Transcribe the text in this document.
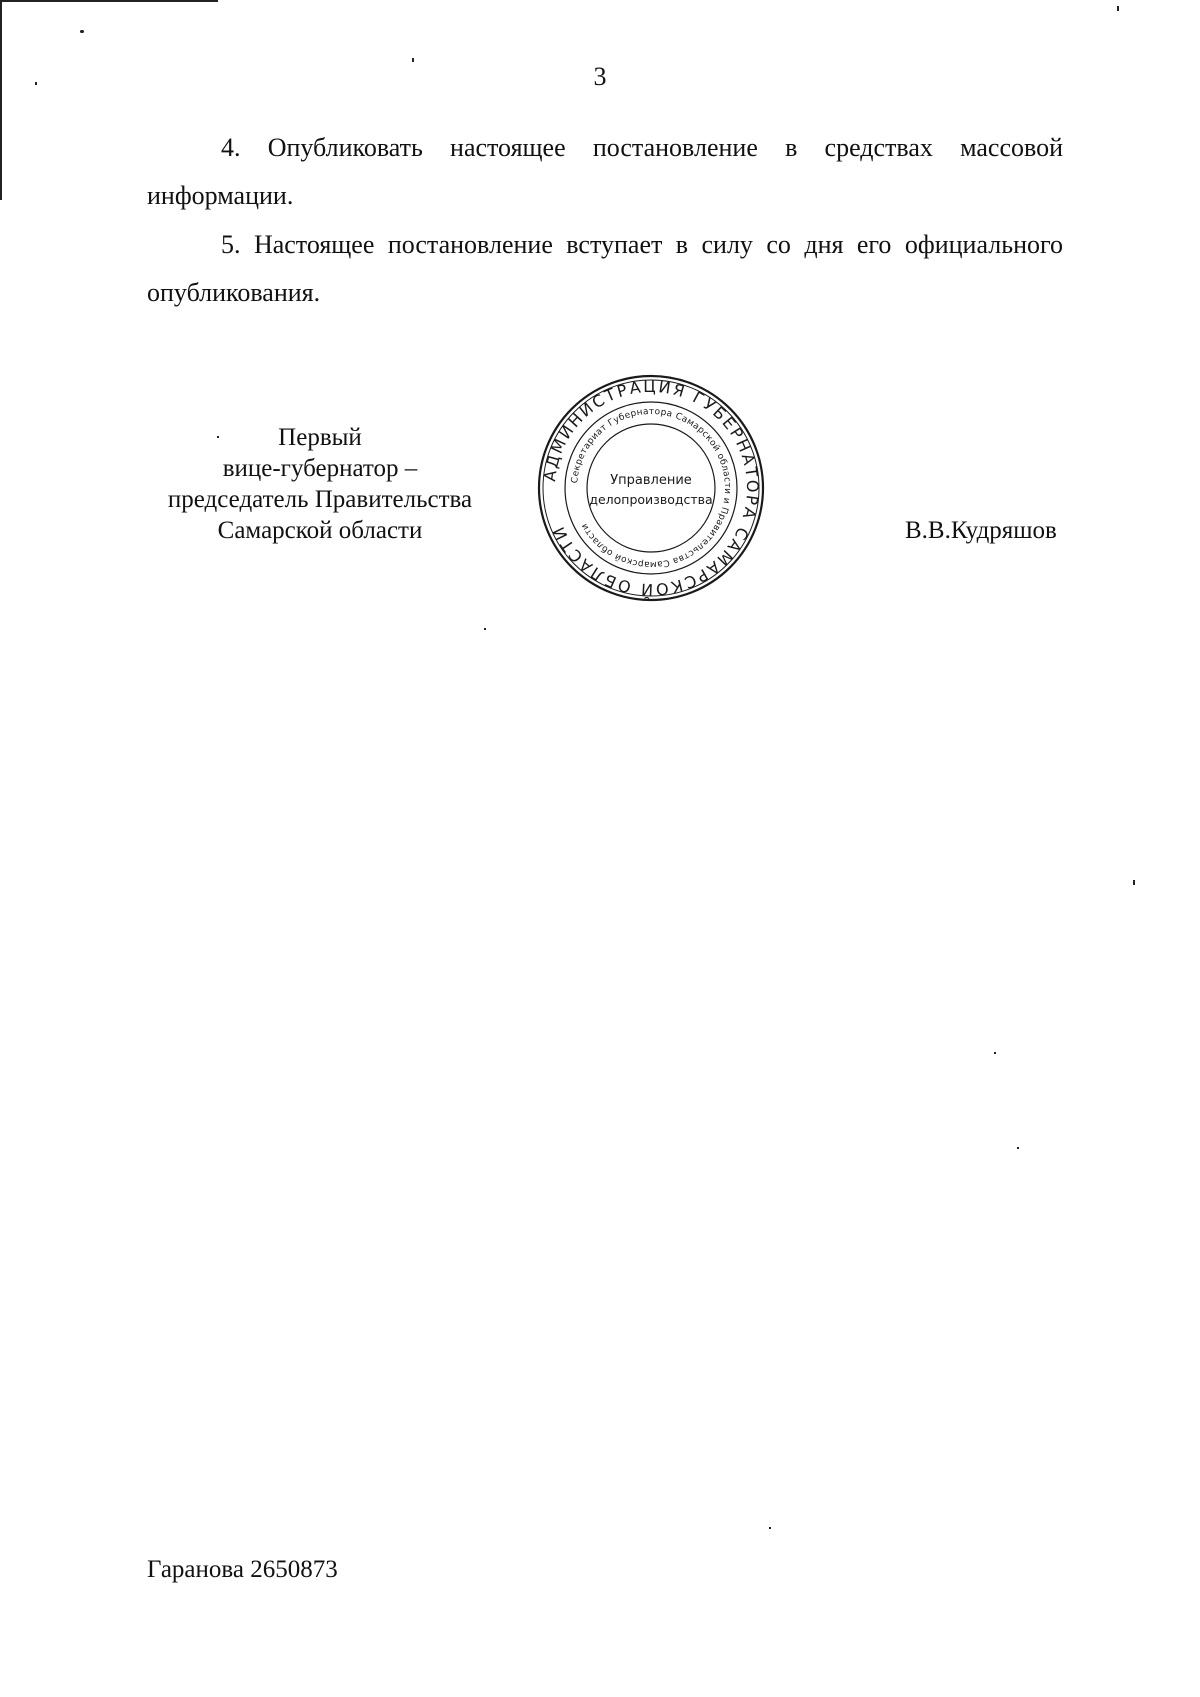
3

4. Опубликовать настоящее постановление в средствах массовой информации.

5. Настоящее постановление вступает в силу со дня его официального опубликования.

Первый
вице-губернатор –
председатель Правительства
Самарской области
АДМИНИСТРАЦИЯ ГУБЕРНАТОРА САМАРСКОЙ ОБЛАСТИ
Секретариат Губернатора Самарской области и Правительства Самарской области
Управление
делопроизводства
В.В.Кудряшов
Гаранова 2650873
